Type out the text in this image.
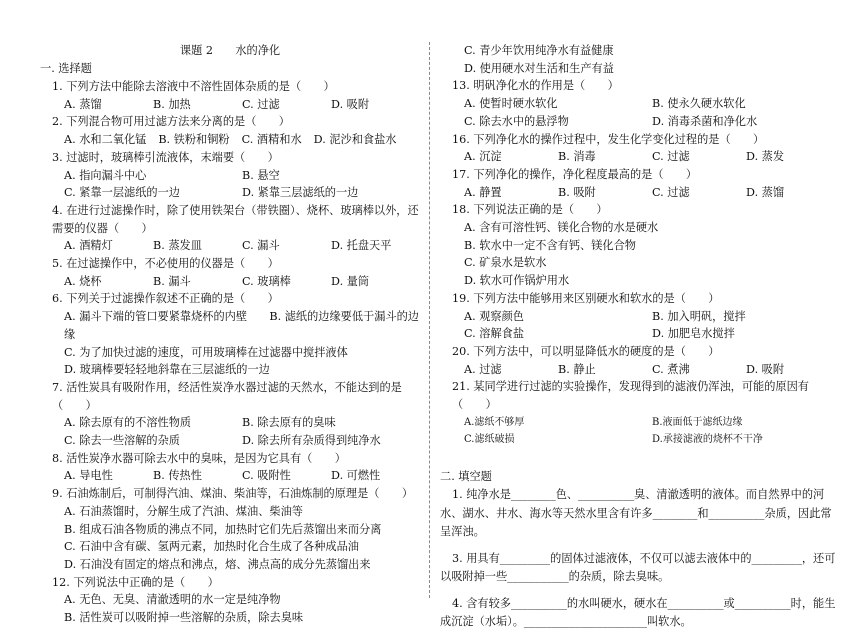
课题 2　　水的净化
一. 选择题
1. 下列方法中能除去溶液中不溶性固体杂质的是（　　）
A. 蒸馏	B. 加热	C. 过滤	D. 吸附
2. 下列混合物可用过滤方法来分离的是（　　）
A. 水和二氧化锰 B. 铁粉和铜粉 C. 酒精和水 D. 泥沙和食盐水
3. 过滤时，玻璃棒引流液体，末端要（　　）
A. 指向漏斗中心	B. 悬空
C. 紧靠一层滤纸的一边	D. 紧靠三层滤纸的一边
4. 在进行过滤操作时，除了使用铁架台（带铁圈）、烧杯、玻璃棒以外，还需要的仪器（　　）
A. 酒精灯	B. 蒸发皿	C. 漏斗	D. 托盘天平
5. 在过滤操作中，不必使用的仪器是（　　）
A. 烧杯	B. 漏斗	C. 玻璃棒	D. 量筒
6. 下列关于过滤操作叙述不正确的是（　　）
A. 漏斗下端的管口要紧靠烧杯的内壁　　B. 滤纸的边缘要低于漏斗的边缘
C. 为了加快过滤的速度，可用玻璃棒在过滤器中搅拌液体
D. 玻璃棒要轻轻地斜靠在三层滤纸的一边
7. 活性炭具有吸附作用，经活性炭净水器过滤的天然水，不能达到的是（　　）
A. 除去原有的不溶性物质	B. 除去原有的臭味
C. 除去一些溶解的杂质	D. 除去所有杂质得到纯净水
8. 活性炭净水器可除去水中的臭味，是因为它具有（　　）
A. 导电性	B. 传热性	C. 吸附性	D. 可燃性
9. 石油炼制后，可制得汽油、煤油、柴油等，石油炼制的原理是（　　）
A. 石油蒸馏时，分解生成了汽油、煤油、柴油等
B. 组成石油各物质的沸点不同，加热时它们先后蒸馏出来而分离
C. 石油中含有碳、氢两元素，加热时化合生成了各种成品油
D. 石油没有固定的熔点和沸点，熔、沸点高的成分先蒸馏出来
12. 下列说法中正确的是（　　）
A. 无色、无臭、清澈透明的水一定是纯净物
B. 活性炭可以吸附掉一些溶解的杂质，除去臭味
C. 青少年饮用纯净水有益健康
D. 使用硬水对生活和生产有益
13. 明矾净化水的作用是（　　）
A. 使暂时硬水软化	B. 使永久硬水软化
C. 除去水中的悬浮物	D. 消毒杀菌和净化水
16. 下列净化水的操作过程中，发生化学变化过程的是（　　）
A. 沉淀	B. 消毒	C. 过滤	D. 蒸发
17. 下列净化的操作，净化程度最高的是（　　）
A. 静置	B. 吸附	C. 过滤	D. 蒸馏
18. 下列说法正确的是（　　）
A. 含有可溶性钙、镁化合物的水是硬水
B. 软水中一定不含有钙、镁化合物
C. 矿泉水是软水
D. 软水可作锅炉用水
19. 下列方法中能够用来区别硬水和软水的是（　　）
A. 观察颜色	B. 加入明矾，搅拌
C. 溶解食盐	D. 加肥皂水搅拌
20. 下列方法中，可以明显降低水的硬度的是（　　）
A. 过滤	B. 静止	C. 煮沸	D. 吸附
21. 某同学进行过滤的实验操作，发现得到的滤液仍浑浊，可能的原因有（　　）
A.滤纸不够厚	B.液面低于滤纸边缘
C.滤纸破损	D.承接滤液的烧杯不干净
二. 填空题
1. 纯净水是________色、__________臭、清澈透明的液体。而自然界中的河水、湖水、井水、海水等天然水里含有许多________和__________杂质，因此常呈浑浊。
3. 用具有_________的固体过滤液体，不仅可以滤去液体中的_________，还可以吸附掉一些___________的杂质，除去臭味。
4. 含有较多__________的水叫硬水，硬水在__________或__________时，能生成沉淀（水垢）。______________________叫软水。
